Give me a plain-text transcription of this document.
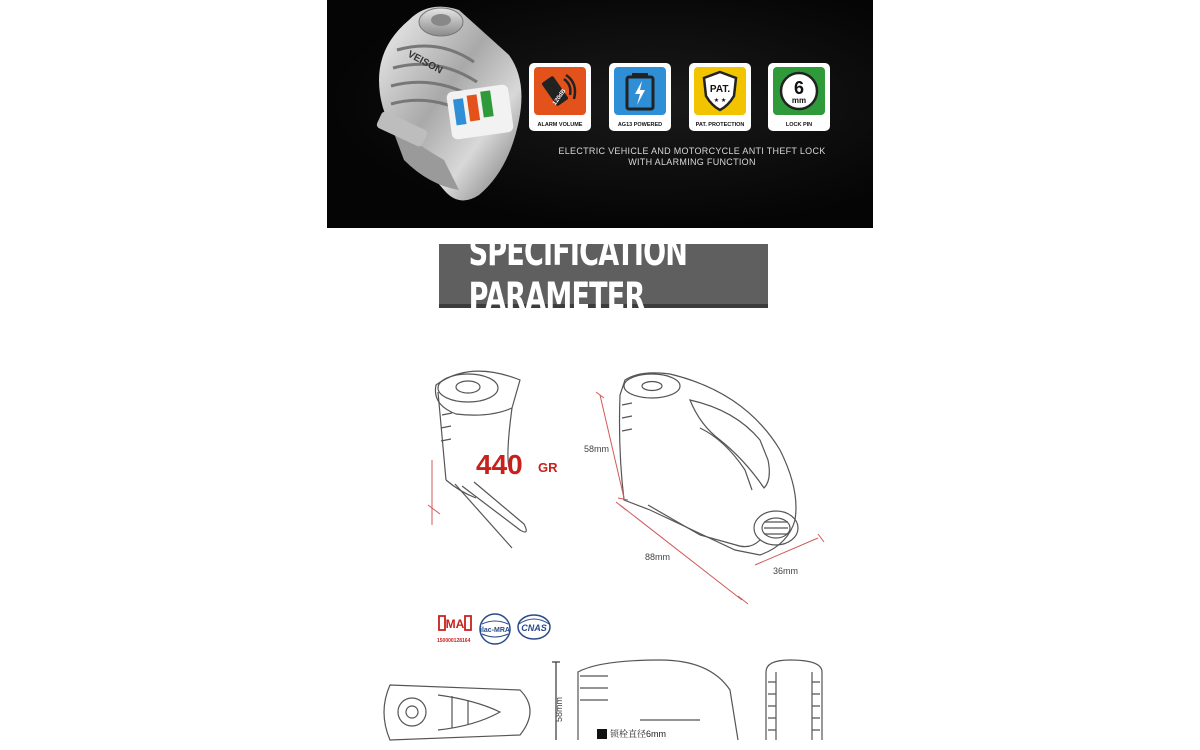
VEISON
120dB
ALARM VOLUME	AG13 POWERED
PAT.
★ ★
PAT. PROTECTION
6
mm
LOCK PIN
ELECTRIC VEHICLE AND MOTORCYCLE ANTI THEFT LOCK
WITH ALARMING FUNCTION
SPECIFICATION PARAMETER
58mm
88mm
36mm
58mm
440 GR
MA
150000128164
ilac-MRA CNAS
锁栓直径6mm
